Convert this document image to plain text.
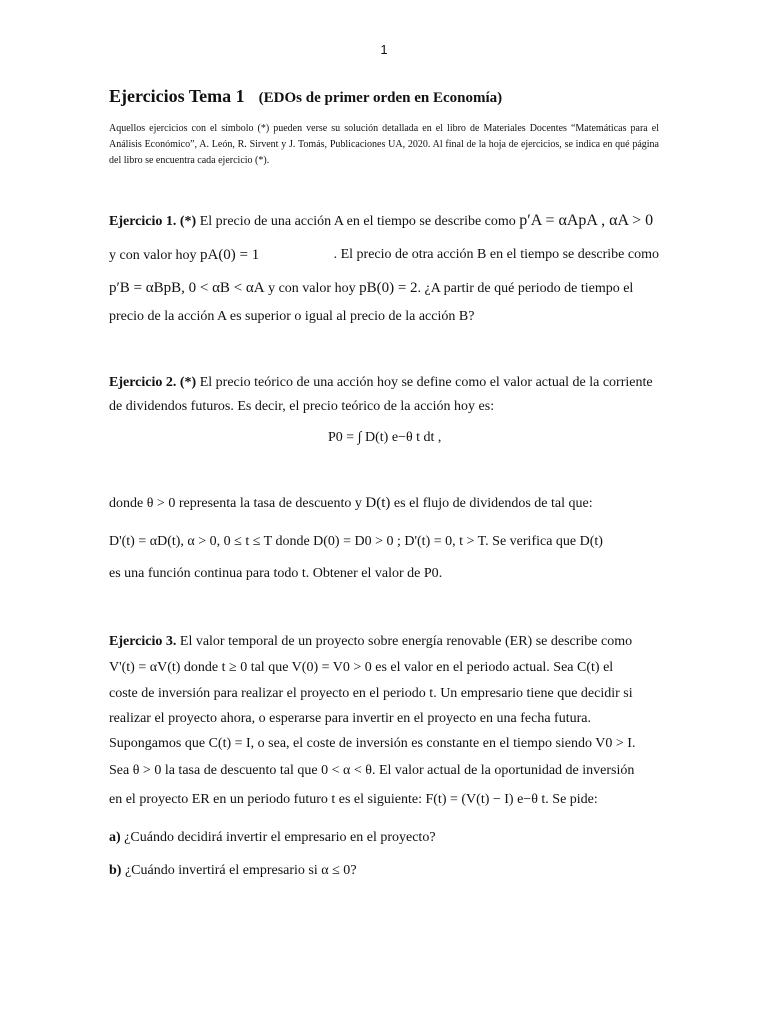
1
Ejercicios Tema 1 (EDOs de primer orden en Economía)
Aquellos ejercicios con el símbolo (*) pueden verse su solución detallada en el libro de Materiales Docentes “Matemáticas para el Análisis Económico”, A. León, R. Sirvent y J. Tomás, Publicaciones UA, 2020. Al final de la hoja de ejercicios, se indica en qué página del libro se encuentra cada ejercicio (*).
Ejercicio 1. (*) El precio de una acción A en el tiempo se describe como p′A = αApA , αA > 0
y con valor hoy pA(0) = 1	. El precio de otra acción B en el tiempo se describe como
p′B = αBpB, 0 < αB < αA y con valor hoy pB(0) = 2. ¿A partir de qué periodo de tiempo el
precio de la acción A es superior o igual al precio de la acción B?
Ejercicio 2. (*) El precio teórico de una acción hoy se define como el valor actual de la corriente
de dividendos futuros. Es decir, el precio teórico de la acción hoy es:
P0 = ∫ D(t) e−θ t dt ,
donde θ > 0 representa la tasa de descuento y D(t) es el flujo de dividendos de tal que:
D'(t) = αD(t), α > 0, 0 ≤ t ≤ T donde D(0) = D0 > 0 ; D'(t) = 0, t > T. Se verifica que D(t)
es una función continua para todo t. Obtener el valor de P0.
Ejercicio 3. El valor temporal de un proyecto sobre energía renovable (ER) se describe como
V'(t) = αV(t) donde t ≥ 0 tal que V(0) = V0 > 0 es el valor en el periodo actual. Sea C(t) el
coste de inversión para realizar el proyecto en el periodo t. Un empresario tiene que decidir si
realizar el proyecto ahora, o esperarse para invertir en el proyecto en una fecha futura.
Supongamos que C(t) = I, o sea, el coste de inversión es constante en el tiempo siendo V0 > I.
Sea θ > 0 la tasa de descuento tal que 0 < α < θ. El valor actual de la oportunidad de inversión
en el proyecto ER en un periodo futuro t es el siguiente: F(t) = (V(t) − I) e−θ t. Se pide:
a) ¿Cuándo decidirá invertir el empresario en el proyecto?
b) ¿Cuándo invertirá el empresario si α ≤ 0?
